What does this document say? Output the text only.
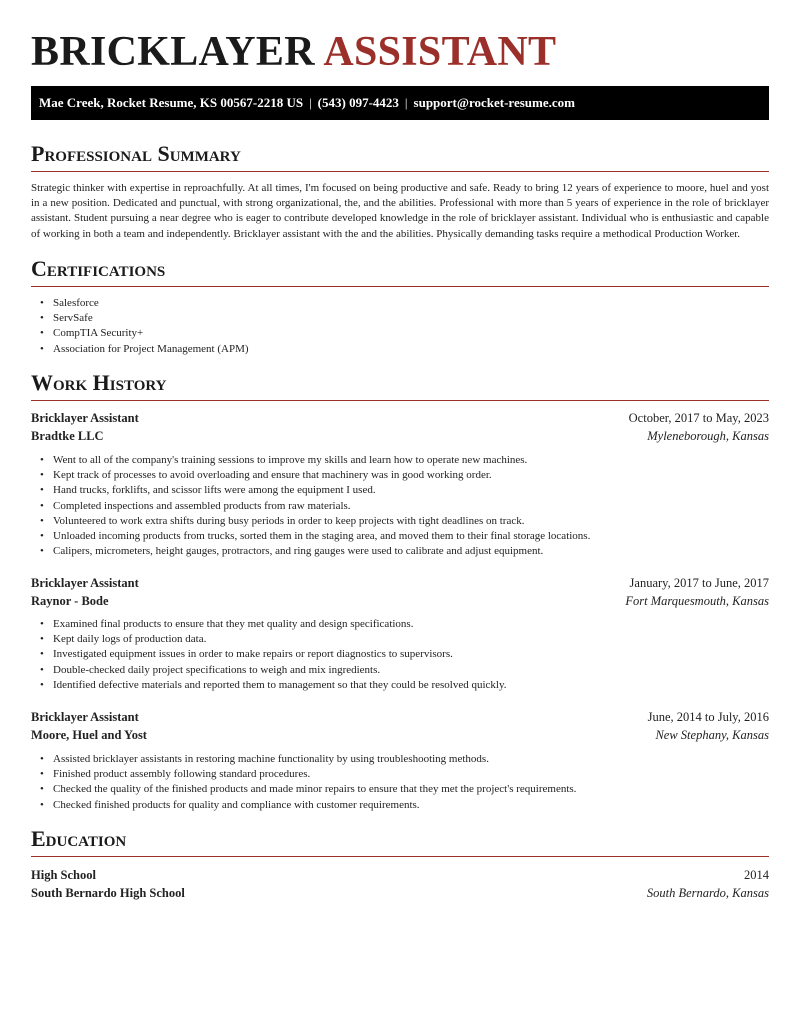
BRICKLAYER ASSISTANT
Mae Creek, Rocket Resume, KS 00567-2218 US | (543) 097-4423 | support@rocket-resume.com
Professional Summary

Strategic thinker with expertise in reproachfully. At all times, I'm focused on being productive and safe. Ready to bring 12 years of experience to moore, huel and yost in a new position. Dedicated and punctual, with strong organizational, the, and the abilities. Professional with more than 5 years of experience in the role of bricklayer assistant. Student pursuing a near degree who is eager to contribute developed knowledge in the role of bricklayer assistant. Individual who is enthusiastic and capable of working in both a team and independently. Bricklayer assistant with the and the abilities. Physically demanding tasks require a methodical Production Worker.

Certifications
• Salesforce
• ServSafe
• CompTIA Security+
• Association for Project Management (APM)
Work History
Bricklayer Assistant	October, 2017 to May, 2023
Bradtke LLC	Myleneborough, Kansas
• Went to all of the company's training sessions to improve my skills and learn how to operate new machines.
• Kept track of processes to avoid overloading and ensure that machinery was in good working order.
• Hand trucks, forklifts, and scissor lifts were among the equipment I used.
• Completed inspections and assembled products from raw materials.
• Volunteered to work extra shifts during busy periods in order to keep projects with tight deadlines on track.
• Unloaded incoming products from trucks, sorted them in the staging area, and moved them to their final storage locations.
• Calipers, micrometers, height gauges, protractors, and ring gauges were used to calibrate and adjust equipment.
Bricklayer Assistant	January, 2017 to June, 2017
Raynor - Bode	Fort Marquesmouth, Kansas
• Examined final products to ensure that they met quality and design specifications.
• Kept daily logs of production data.
• Investigated equipment issues in order to make repairs or report diagnostics to supervisors.
• Double-checked daily project specifications to weigh and mix ingredients.
• Identified defective materials and reported them to management so that they could be resolved quickly.
Bricklayer Assistant	June, 2014 to July, 2016
Moore, Huel and Yost	New Stephany, Kansas
• Assisted bricklayer assistants in restoring machine functionality by using troubleshooting methods.
• Finished product assembly following standard procedures.
• Checked the quality of the finished products and made minor repairs to ensure that they met the project's requirements.
• Checked finished products for quality and compliance with customer requirements.
Education
High School	2014
South Bernardo High School	South Bernardo, Kansas
